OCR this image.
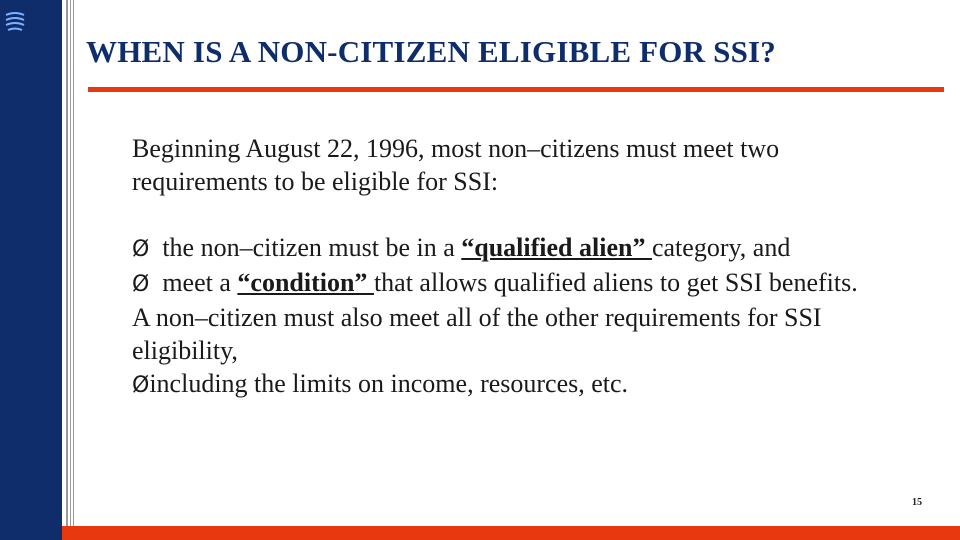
WHEN IS A NON-CITIZEN ELIGIBLE FOR SSI?
Beginning August 22, 1996, most non–citizens must meet two
requirements to be eligible for SSI:
Ø the non–citizen must be in a “qualified alien” category, and
Ø meet a “condition” that allows qualified aliens to get SSI benefits.
A non–citizen must also meet all of the other requirements for SSI
eligibility,
Øincluding the limits on income, resources, etc.
15
